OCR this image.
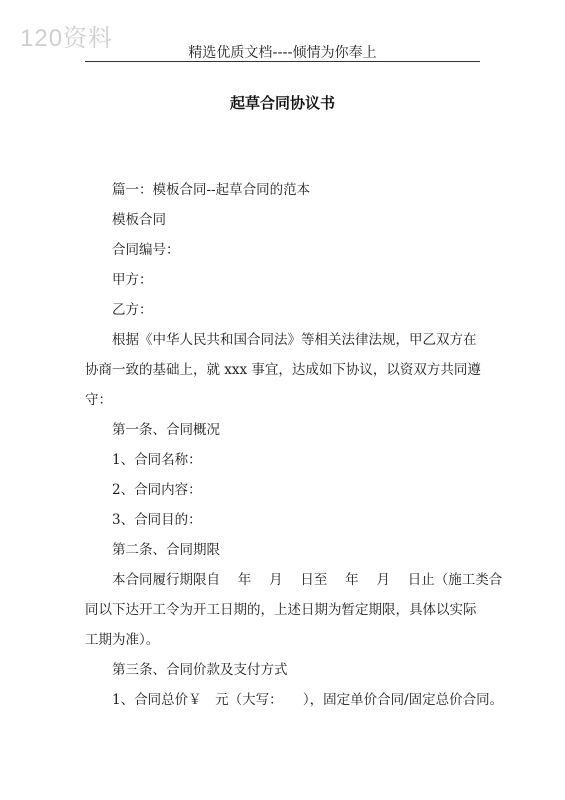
120资料
精选优质文档----倾情为你奉上
起草合同协议书
篇一：模板合同--起草合同的范本
模板合同
合同编号：
甲方：
乙方：
根据《中华人民共和国合同法》等相关法律法规，甲乙双方在
协商一致的基础上，就 xxx 事宜，达成如下协议，以资双方共同遵
守：
第一条、合同概况
1、合同名称：
2、合同内容：
3、合同目的：
第二条、合同期限
本合同履行期限自　 年　 月　 日至　 年　 月　 日止（施工类合
同以下达开工令为开工日期的，上述日期为暂定期限，具体以实际
工期为准）。
第三条、合同价款及支付方式
1、合同总价￥　元（大写：　　），固定单价合同/固定总价合同。
